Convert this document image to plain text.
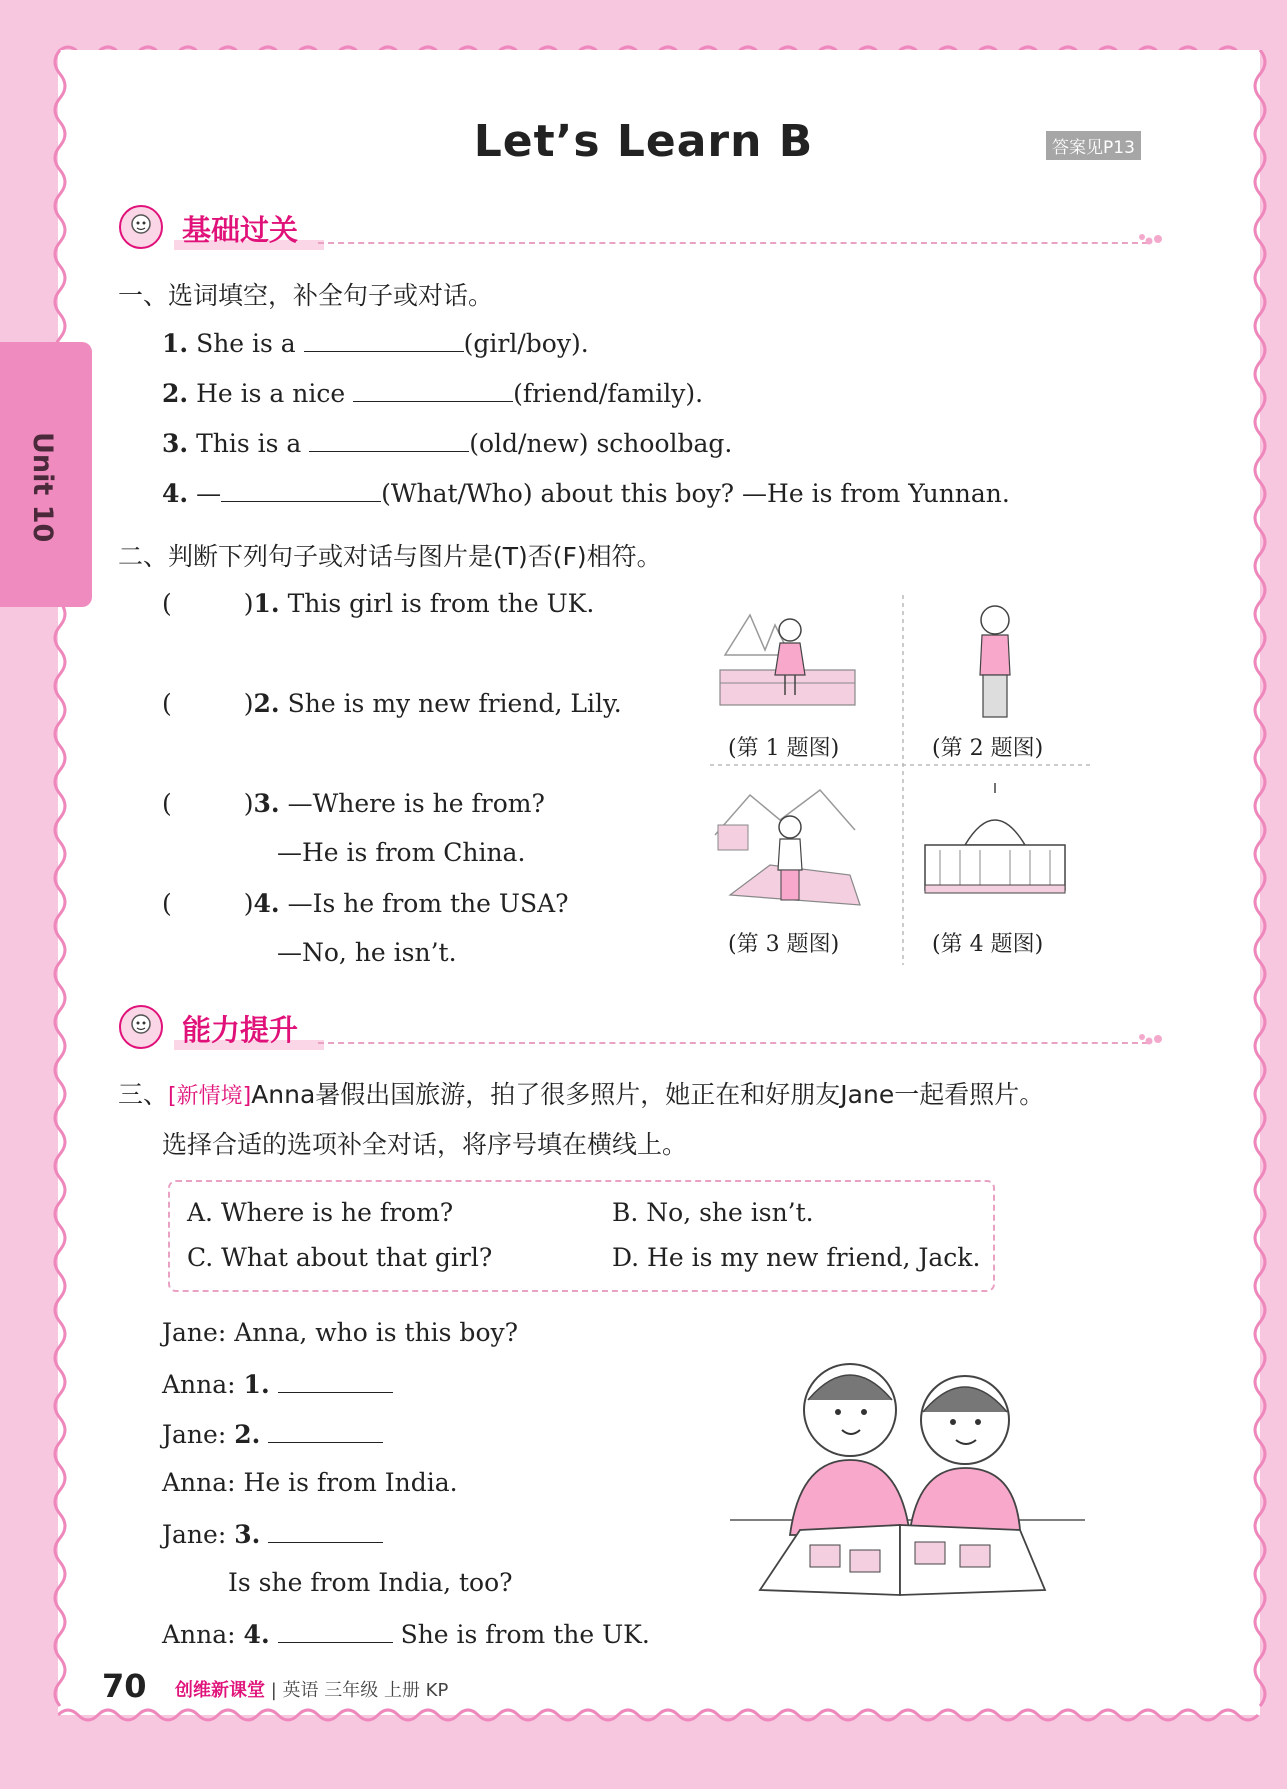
Unit 10
Let’s Learn B	答案见P13
基础过关
一、选词填空，补全句子或对话。
1. She is a	(girl/boy).
2. He is a nice	(friend/family).
3. This is a	(old/new) schoolbag.
4. —	(What/Who) about this boy? —He is from Yunnan.
二、判断下列句子或对话与图片是(T)否(F)相符。
(	)1. This girl is from the UK.
(	)2. She is my new friend, Lily.
(	)3. —Where is he from?
—He is from China.
(	)4. —Is he from the USA?
—No, he isn’t.
(第 1 题图)	(第 2 题图)
(第 3 题图)	(第 4 题图)
能力提升
三、[新情境]Anna暑假出国旅游，拍了很多照片，她正在和好朋友Jane一起看照片。
选择合适的选项补全对话，将序号填在横线上。
A. Where is he from?	B. No, she isn’t.
C. What about that girl?	D. He is my new friend, Jack.
Jane: Anna, who is this boy?
Anna: 1.
Jane: 2.
Anna: He is from India.
Jane: 3.
Is she from India, too?
Anna: 4.	She is from the UK.
70 创维新课堂 | 英语 三年级 上册 KP
